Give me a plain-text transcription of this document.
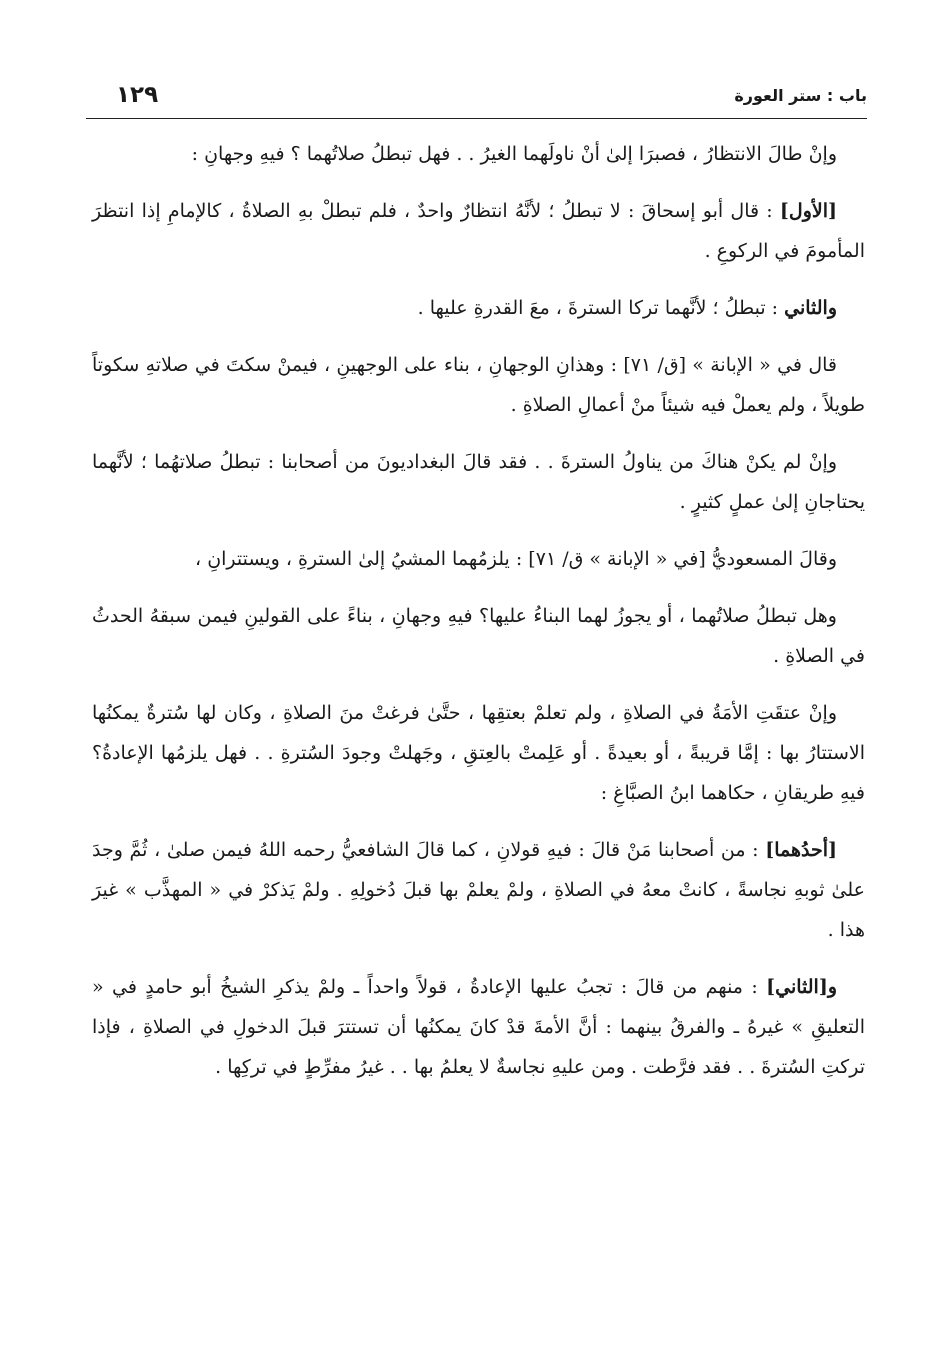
باب : ستر العورة
١٢٩

وإنْ طالَ الانتظارُ ، فصبرَا إلىٰ أنْ ناولَهما الغيرُ . . فهل تبطلُ صلاتُهما ؟ فيهِ وجهانِ :

[الأول] : قال أبو إسحاقَ : لا تبطلُ ؛ لأنَّهُ انتظارٌ واحدٌ ، فلم تبطلْ بهِ الصلاةُ ، كالإمامِ إذا انتظرَ المأمومَ في الركوعِ .

والثاني : تبطلُ ؛ لأنَّهما تركا السترةَ ، معَ القدرةِ عليها .

قال في « الإبانة » [ق/ ٧١] : وهذانِ الوجهانِ ، بناء على الوجهينِ ، فيمنْ سكتَ في صلاتهِ سكوتاً طويلاً ، ولم يعملْ فيه شيئاً منْ أعمالِ الصلاةِ .

وإنْ لم يكنْ هناكَ من يناولُ السترةَ . . فقد قالَ البغداديونَ من أصحابنا : تبطلُ صلاتهُما ؛ لأنَّهما يحتاجانِ إلىٰ عملٍ كثيرٍ .

وقالَ المسعوديُّ [في « الإبانة » ق/ ٧١] : يلزمُهما المشيُ إلىٰ السترةِ ، ويستترانِ ،

وهل تبطلُ صلاتُهما ، أو يجوزُ لهما البناءُ عليها؟ فيهِ وجهانِ ، بناءً على القولينِ فيمن سبقهُ الحدثُ في الصلاةِ .

وإنْ عتقَتِ الأمَةُ في الصلاةِ ، ولم تعلمْ بعتقِها ، حتَّىٰ فرغتْ منَ الصلاةِ ، وكان لها سُترةٌ يمكنُها الاستتارُ بها : إمَّا قريبةً ، أو بعيدةً . أو عَلِمتْ بالعِتقِ ، وجَهلتْ وجودَ السُترةِ . . فهل يلزمُها الإعادةُ؟ فيهِ طريقانِ ، حكاهما ابنُ الصبَّاغِ :

[أحدُهما] : من أصحابنا مَنْ قالَ : فيهِ قولانِ ، كما قالَ الشافعيُّ رحمه اللهُ فيمن صلىٰ ، ثُمَّ وجدَ علىٰ ثوبهِ نجاسةً ، كانتْ معهُ في الصلاةِ ، ولمْ يعلمْ بها قبلَ دُخولِهِ . ولمْ يَذكرْ في « المهذَّب » غيرَ هذا .

و[الثاني] : منهم من قالَ : تجبُ عليها الإعادةُ ، قولاً واحداً ـ ولمْ يذكرِ الشيخُ أبو حامدٍ في « التعليقِ » غيرهُ ـ والفرقُ بينهما : أنَّ الأمةَ قدْ كانَ يمكنُها أن تستترَ قبلَ الدخولِ في الصلاةِ ، فإذا تركتِ السُترةَ . . فقد فرَّطت . ومن عليهِ نجاسةٌ لا يعلمُ بها . . غيرُ مفرِّطٍ في تركِها .
